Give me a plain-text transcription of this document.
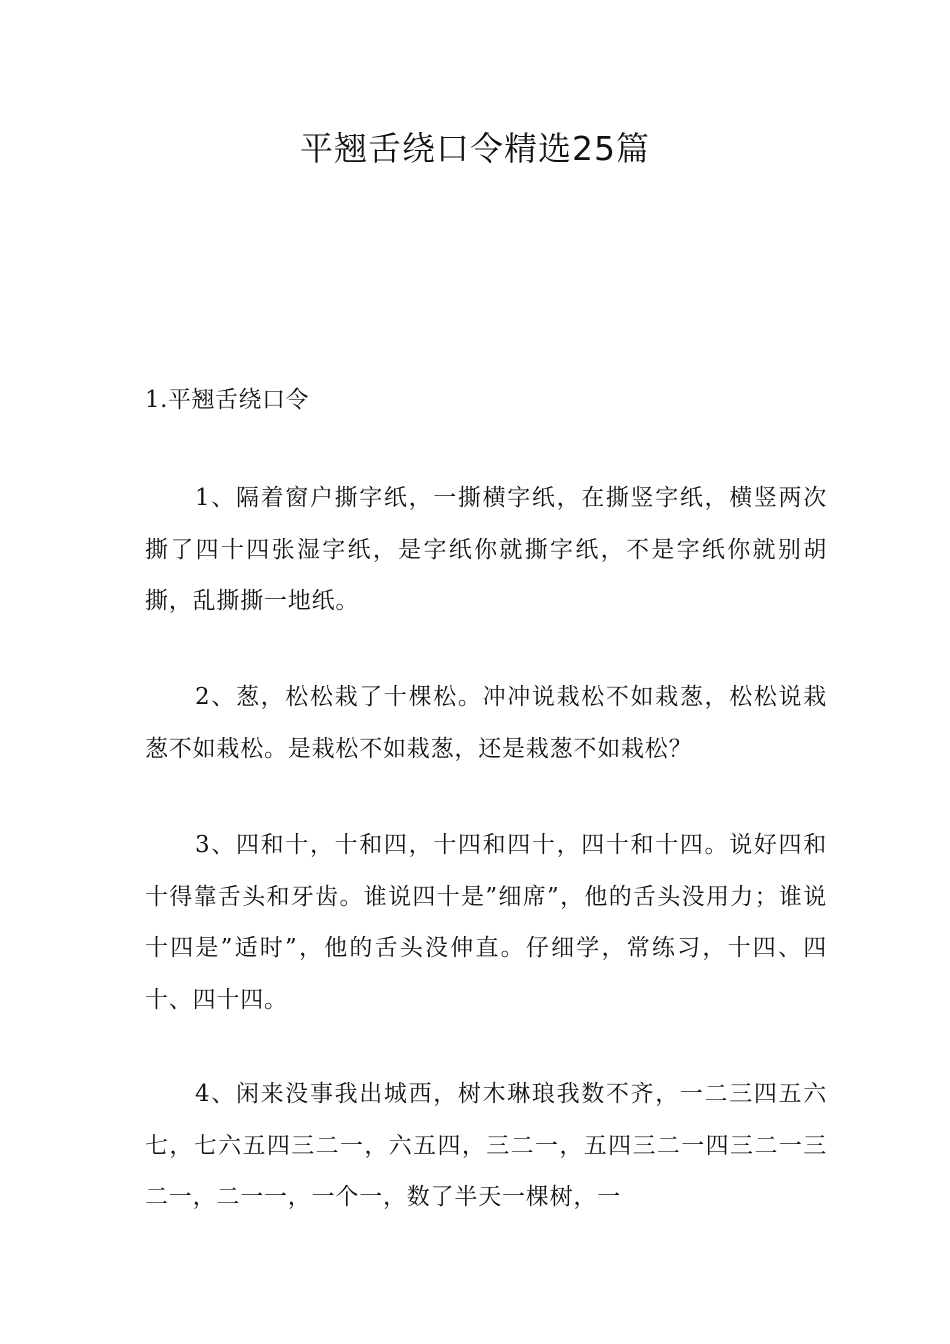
平翘舌绕口令精选25篇
1.平翘舌绕口令

1、隔着窗户撕字纸，一撕横字纸，在撕竖字纸，横竖两次撕了四十四张湿字纸，是字纸你就撕字纸，不是字纸你就别胡撕，乱撕撕一地纸。

2、葱，松松栽了十棵松。冲冲说栽松不如栽葱，松松说栽葱不如栽松。是栽松不如栽葱，还是栽葱不如栽松？

3、四和十，十和四，十四和四十，四十和十四。说好四和十得靠舌头和牙齿。谁说四十是”细席”，他的舌头没用力；谁说十四是”适时”，他的舌头没伸直。仔细学，常练习，十四、四十、四十四。

4、闲来没事我出城西，树木琳琅我数不齐，一二三四五六七，七六五四三二一，六五四，三二一，五四三二一四三二一三二一，二一一，一个一，数了半天一棵树，一
